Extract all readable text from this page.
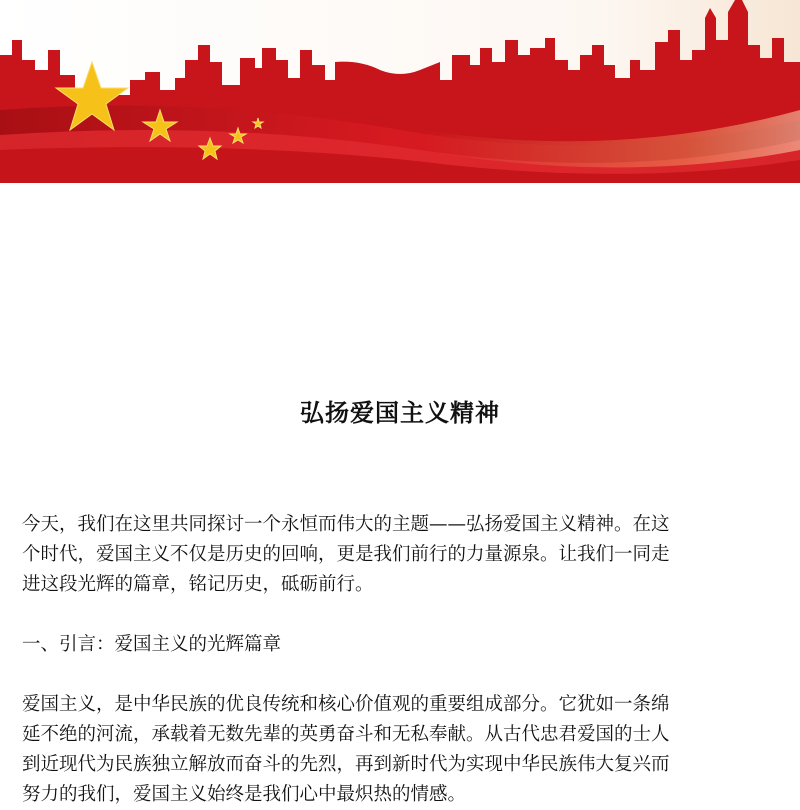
弘扬爱国主义精神

今天，我们在这里共同探讨一个永恒而伟大的主题——弘扬爱国主义精神。在这

个时代，爱国主义不仅是历史的回响，更是我们前行的力量源泉。让我们一同走

进这段光辉的篇章，铭记历史，砥砺前行。

一、引言：爱国主义的光辉篇章

爱国主义，是中华民族的优良传统和核心价值观的重要组成部分。它犹如一条绵

延不绝的河流，承载着无数先辈的英勇奋斗和无私奉献。从古代忠君爱国的士人

到近现代为民族独立解放而奋斗的先烈，再到新时代为实现中华民族伟大复兴而

努力的我们，爱国主义始终是我们心中最炽热的情感。
